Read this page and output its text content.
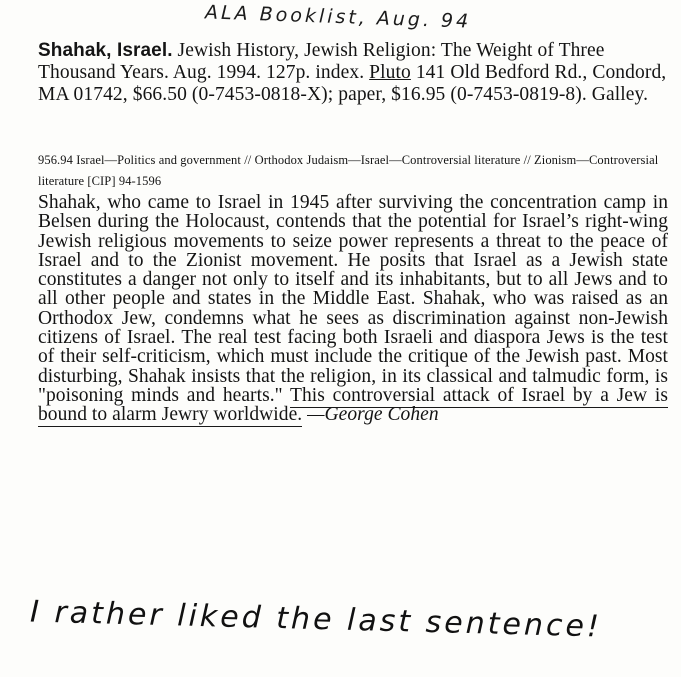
ALA Booklist, Aug. 94
Shahak, Israel. Jewish History, Jewish Religion: The Weight of Three Thousand Years. Aug. 1994. 127p. index. Pluto 141 Old Bedford Rd., Condord, MA 01742, $66.50 (0-7453-0818-X); paper, $16.95 (0-7453-0819-8). Galley.
956.94 Israel—Politics and government // Orthodox Judaism—Israel—Controversial literature // Zionism—Controversial literature [CIP] 94-1596
Shahak, who came to Israel in 1945 after surviving the concentration camp in Belsen during the Holocaust, contends that the potential for Israel’s right-wing Jewish religious movements to seize power represents a threat to the peace of Israel and to the Zionist movement. He posits that Israel as a Jewish state constitutes a danger not only to itself and its inhabitants, but to all Jews and to all other people and states in the Middle East. Shahak, who was raised as an Orthodox Jew, condemns what he sees as discrimination against non-Jewish citizens of Israel. The real test facing both Israeli and diaspora Jews is the test of their self-criticism, which must include the critique of the Jewish past. Most disturbing, Shahak insists that the religion, in its classical and talmudic form, is "poisoning minds and hearts." This controversial attack of Israel by a Jew is bound to alarm Jewry worldwide. —George Cohen
I rather liked the last sentence!
